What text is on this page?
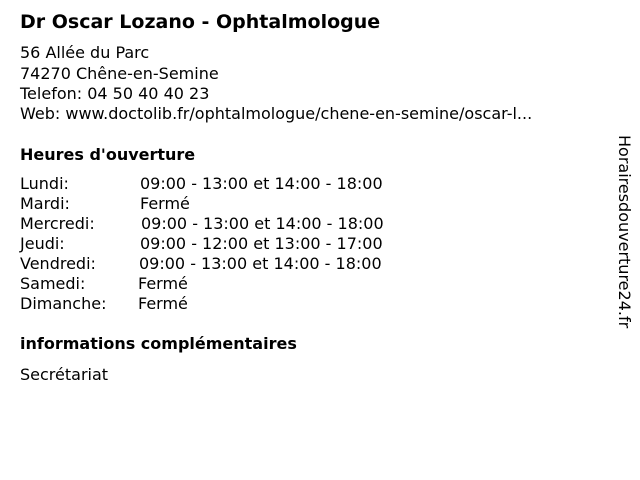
Dr Oscar Lozano - Ophtalmologue
56 Allée du Parc
74270 Chêne-en-Semine
Telefon: 04 50 40 40 23
Web: www.doctolib.fr/ophtalmologue/chene-en-semine/oscar-l...
Heures d'ouverture
Lundi:	09:00 - 13:00 et 14:00 - 18:00
Mardi:	Fermé
Mercredi:	09:00 - 13:00 et 14:00 - 18:00
Jeudi:	09:00 - 12:00 et 13:00 - 17:00
Vendredi:	09:00 - 13:00 et 14:00 - 18:00
Samedi:	Fermé
Dimanche: Fermé
informations complémentaires
Secrétariat
Horairesdouverture24.fr
